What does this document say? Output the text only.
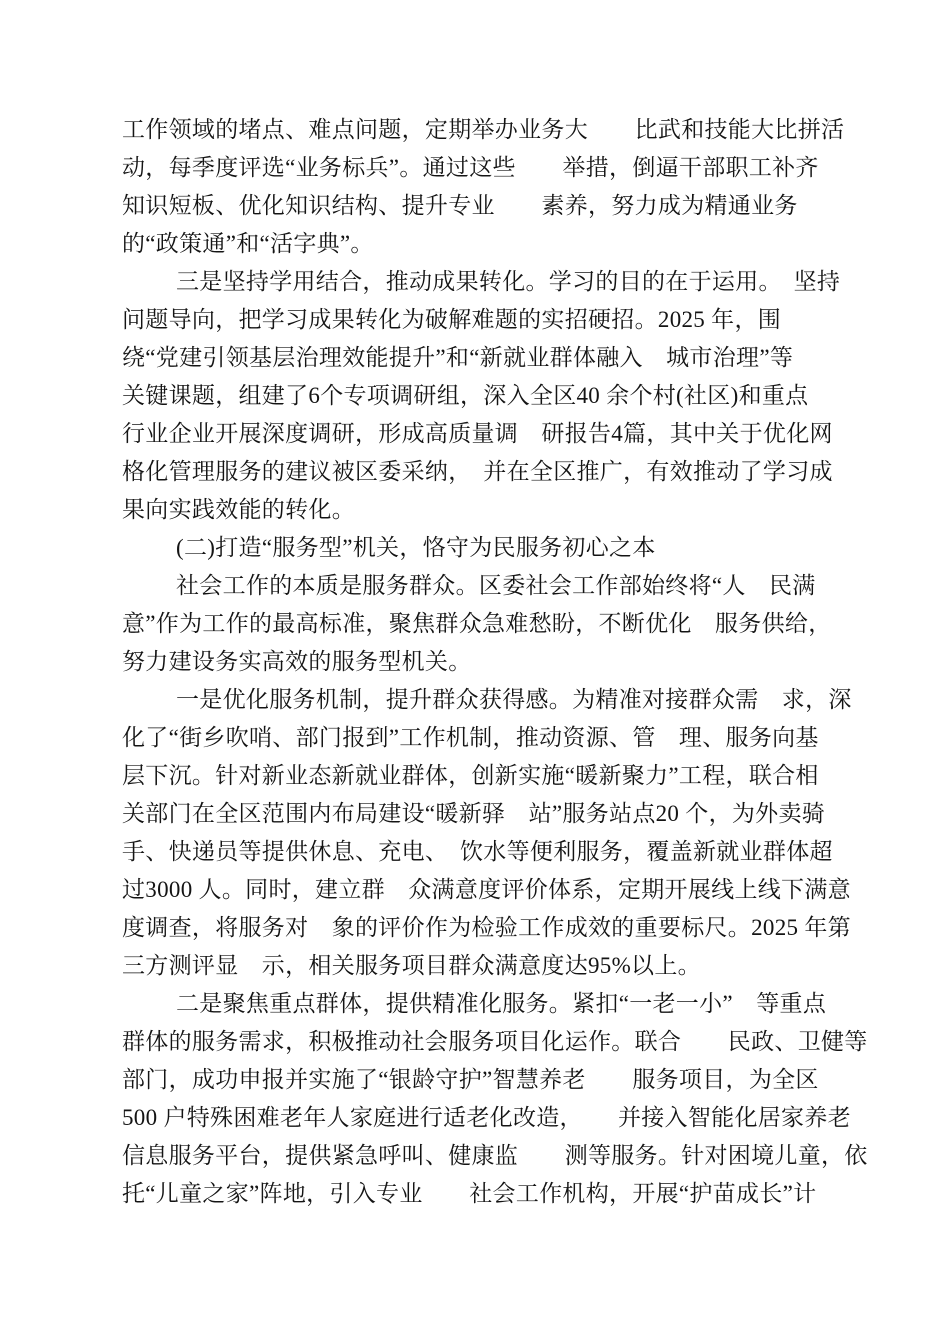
工作领域的堵点、难点问题，定期举办业务大　　比武和技能大比拼活
动，每季度评选“业务标兵”。通过这些　　举措，倒逼干部职工补齐
知识短板、优化知识结构、提升专业　　素养，努力成为精通业务
的“政策通”和“活字典”。
三是坚持学用结合，推动成果转化。学习的目的在于运用。　坚持
问题导向，把学习成果转化为破解难题的实招硬招。2025 年，围
绕“党建引领基层治理效能提升”和“新就业群体融入　城市治理”等
关键课题，组建了6个专项调研组，深入全区40 余个村(社区)和重点
行业企业开展深度调研，形成高质量调　研报告4篇，其中关于优化网
格化管理服务的建议被区委采纳，　并在全区推广，有效推动了学习成
果向实践效能的转化。
(二)打造“服务型”机关，恪守为民服务初心之本
社会工作的本质是服务群众。区委社会工作部始终将“人　民满
意”作为工作的最高标准，聚焦群众急难愁盼，不断优化　服务供给，
努力建设务实高效的服务型机关。
一是优化服务机制，提升群众获得感。为精准对接群众需　求，深
化了“街乡吹哨、部门报到”工作机制，推动资源、管　理、服务向基
层下沉。针对新业态新就业群体，创新实施“暖新聚力”工程，联合相
关部门在全区范围内布局建设“暖新驿　站”服务站点20 个，为外卖骑
手、快递员等提供休息、充电、　饮水等便利服务，覆盖新就业群体超
过3000 人。同时，建立群　众满意度评价体系，定期开展线上线下满意
度调查，将服务对　象的评价作为检验工作成效的重要标尺。2025 年第
三方测评显　示，相关服务项目群众满意度达95%以上。
二是聚焦重点群体，提供精准化服务。紧扣“一老一小”　等重点
群体的服务需求，积极推动社会服务项目化运作。联合　　民政、卫健等
部门，成功申报并实施了“银龄守护”智慧养老　　服务项目，为全区
500 户特殊困难老年人家庭进行适老化改造，　　并接入智能化居家养老
信息服务平台，提供紧急呼叫、健康监　　测等服务。针对困境儿童，依
托“儿童之家”阵地，引入专业　　社会工作机构，开展“护苗成长”计
